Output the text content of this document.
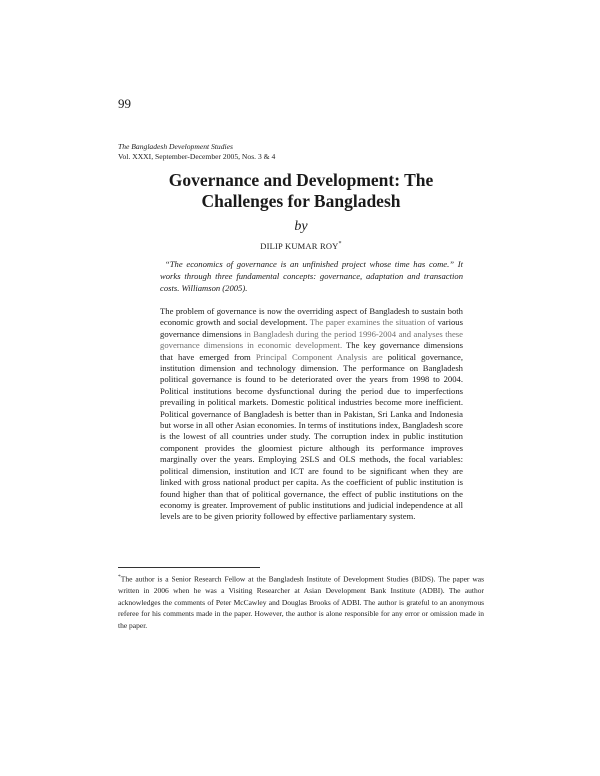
99
The Bangladesh Development Studies
Vol. XXXI, September-December 2005, Nos. 3 & 4
Governance and Development: The
Challenges for Bangladesh
by
DILIP KUMAR ROY*

“The economics of governance is an unfinished project whose time has come.” It works through three fundamental concepts: governance, adaptation and transaction costs. Williamson (2005).

The problem of governance is now the overriding aspect of Bangladesh to sustain both economic growth and social development. The paper examines the situation of various governance dimensions in Bangladesh during the period 1996-2004 and analyses these governance dimensions in economic development. The key governance dimensions that have emerged from Principal Component Analysis are political governance, institution dimension and technology dimension. The performance on Bangladesh political governance is found to be deteriorated over the years from 1998 to 2004. Political institutions become dysfunctional during the period due to imperfections prevailing in political markets. Domestic political industries become more inefficient. Political governance of Bangladesh is better than in Pakistan, Sri Lanka and Indonesia but worse in all other Asian economies. In terms of institutions index, Bangladesh score is the lowest of all countries under study. The corruption index in public institution component provides the gloomiest picture although its performance improves marginally over the years. Employing 2SLS and OLS methods, the focal variables: political dimension, institution and ICT are found to be significant when they are linked with gross national product per capita. As the coefficient of public institution is found higher than that of political governance, the effect of public institutions on the economy is greater. Improvement of public institutions and judicial independence at all levels are to be given priority followed by effective parliamentary system.

*The author is a Senior Research Fellow at the Bangladesh Institute of Development Studies (BIDS). The paper was written in 2006 when he was a Visiting Researcher at Asian Development Bank Institute (ADBI). The author acknowledges the comments of Peter McCawley and Douglas Brooks of ADBI. The author is grateful to an anonymous referee for his comments made in the paper. However, the author is alone responsible for any error or omission made in the paper.
